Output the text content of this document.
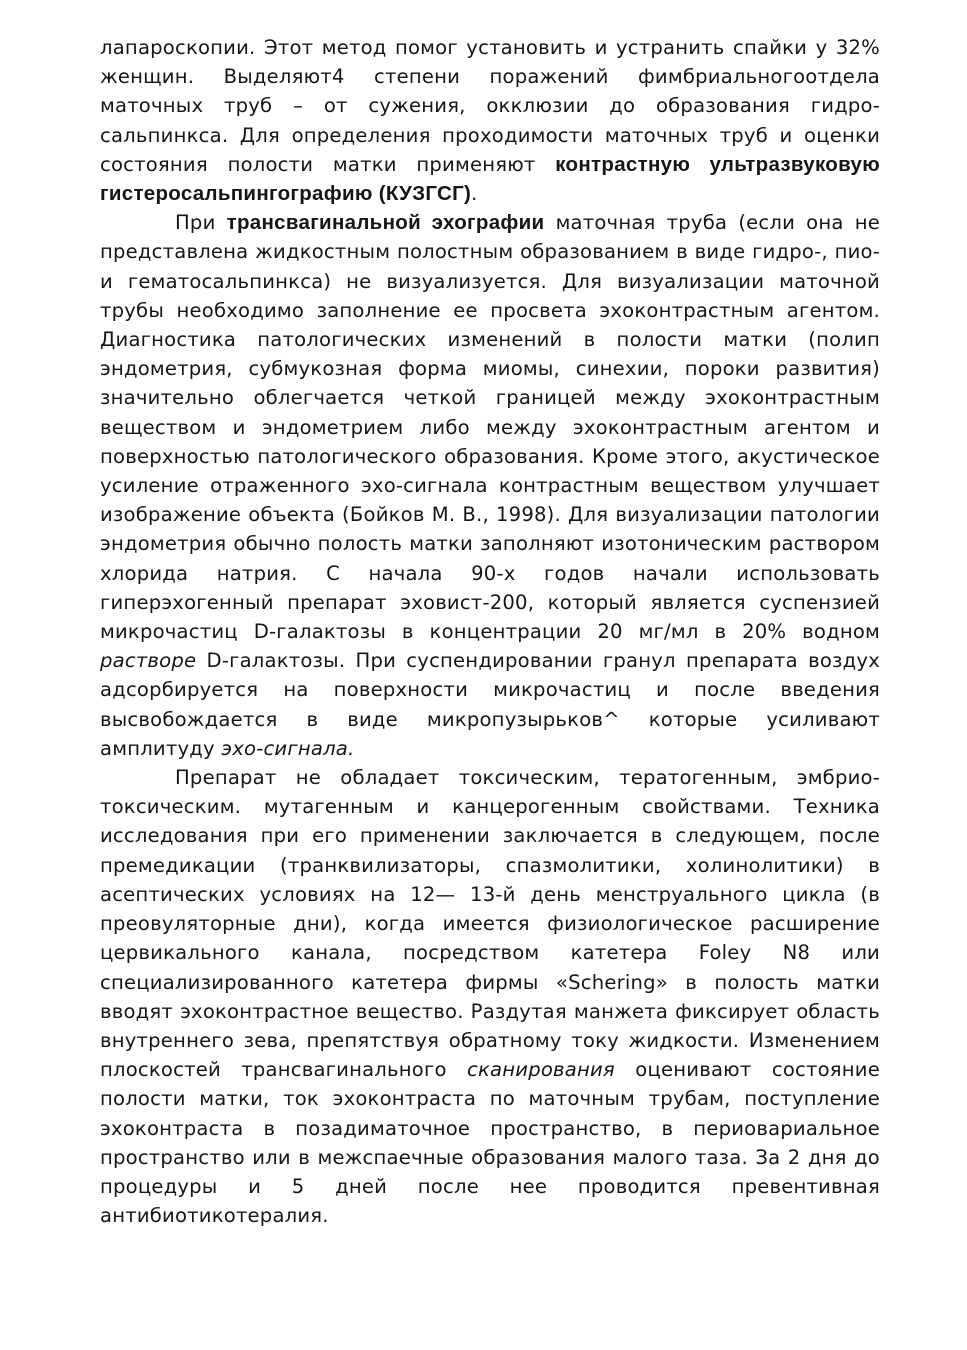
лапароскопии. Этот метод помог установить и устранить спайки у 32% женщин. Выделяют4 степени поражений фимбриальногоотдела маточных труб – от сужения, окклюзии до образования гидро-сальпинкса. Для определения проходимости маточных труб и оценки состояния полости матки применяют контрастную ультразвуковую гистеросальпингографию (КУЗГСГ).

При трансвагинальной эхографии маточная труба (если она не представлена жидкостным полостным образованием в виде гидро-, пио- и гематосальпинкса) не визуализуется. Для визуализации маточной трубы необходимо заполнение ее просвета эхоконтрастным агентом. Диагностика патологических изменений в полости матки (полип эндометрия, субмукозная форма миомы, синехии, пороки развития) значительно облегчается четкой границей между эхоконтрастным веществом и эндометрием либо между эхоконтрастным агентом и поверхностью патологического образования. Кроме этого, акустическое усиление отраженного эхо-сигнала контрастным веществом улучшает изображение объекта (Бойков М. В., 1998). Для визуализации патологии эндометрия обычно полость матки заполняют изотоническим раствором хлорида натрия. С начала 90-х годов начали использовать гиперэхогенный препарат эховист-200, который является суспензией микрочастиц D-галактозы в концентрации 20 мг/мл в 20% водном растворе D-галактозы. При суспендировании гранул препарата воздух адсорбируется на поверхности микрочастиц и после введения высвобождается в виде микропузырьков^ которые усиливают амплитуду эхо-сигнала.

Препарат не обладает токсическим, тератогенным, эмбрио-токсическим. мутагенным и канцерогенным свойствами. Техника исследования при его применении заключается в следующем, после премедикации (транквилизаторы, спазмолитики, холинолитики) в асептических условиях на 12— 13-й день менструального цикла (в преовуляторные дни), когда имеется физиологическое расширение цервикального канала, посредством катетера Foley N8 или специализированного катетера фирмы «Schering» в полость матки вводят эхоконтрастное вещество. Раздутая манжета фиксирует область внутреннего зева, препятствуя обратному току жидкости. Изменением плоскостей трансвагинального сканирования оценивают состояние полости матки, ток эхоконтраста по маточным трубам, поступление эхоконтраста в позадиматочное пространство, в периовариальное пространство или в межспаечные образования малого таза. За 2 дня до процедуры и 5 дней после нее проводится превентивная антибиотикотералия.
